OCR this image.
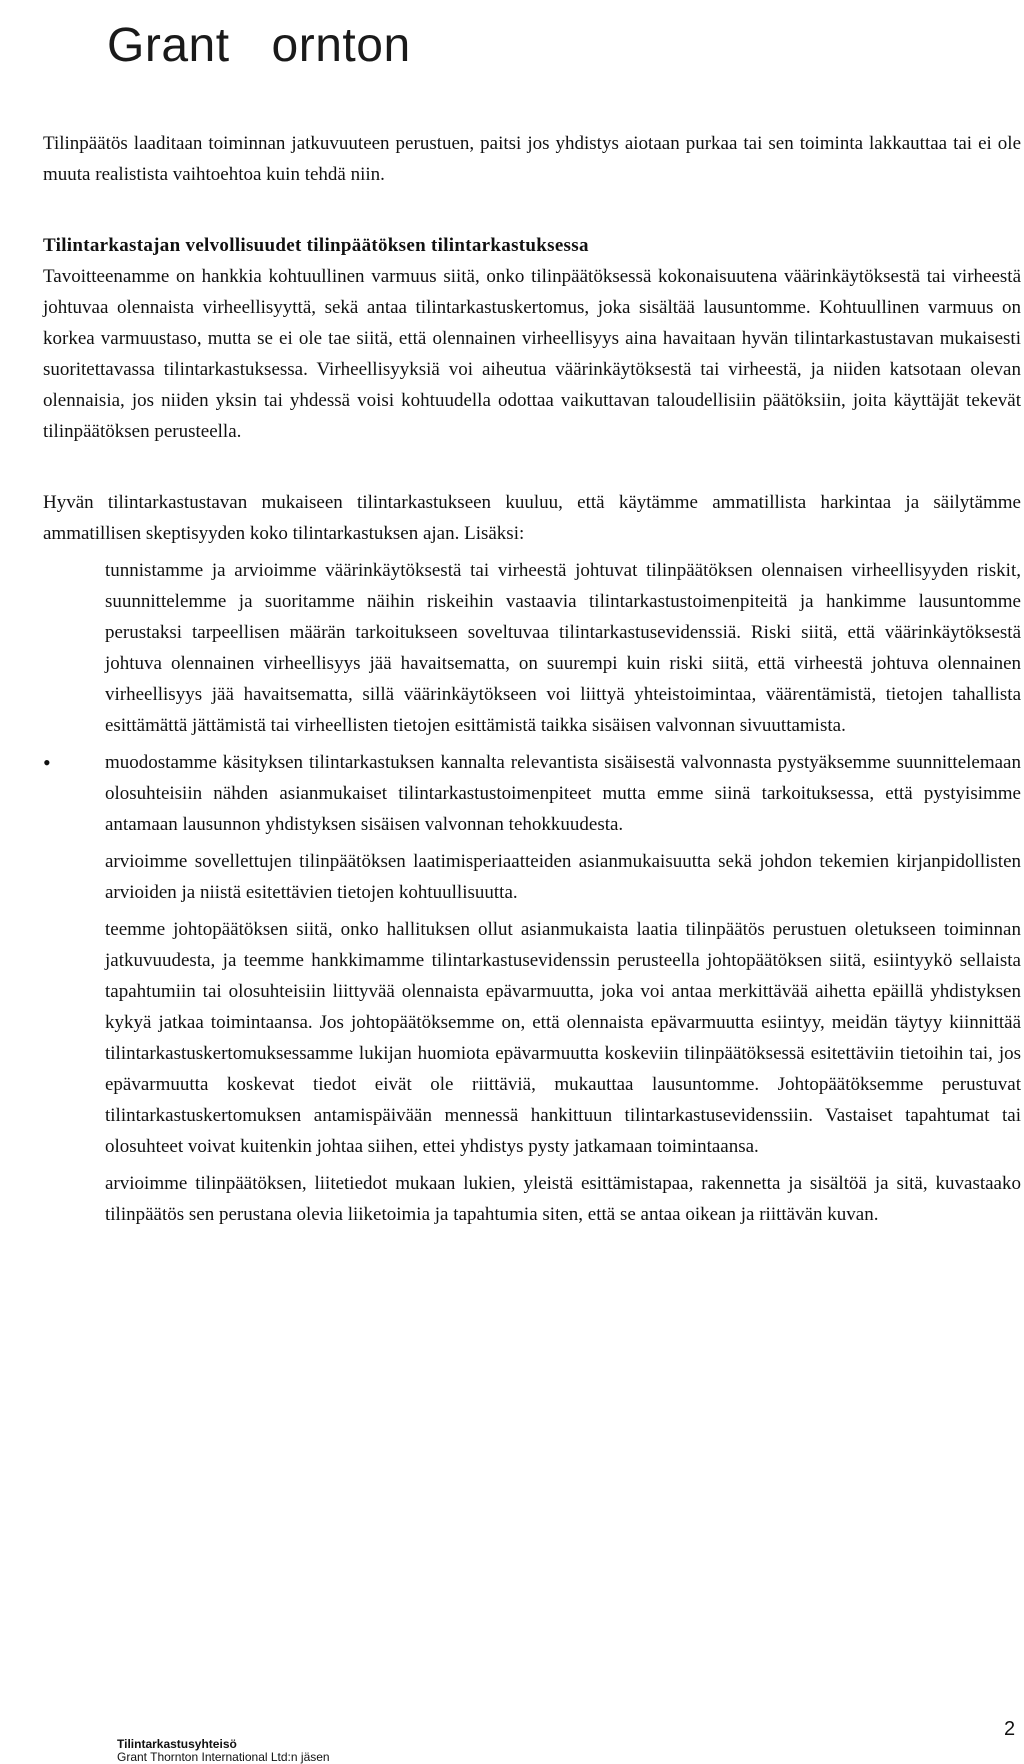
Grant ornton

Tilinpäätös laaditaan toiminnan jatkuvuuteen perustuen, paitsi jos yhdistys aiotaan purkaa tai sen toiminta lakkauttaa tai ei ole muuta realistista vaihtoehtoa kuin tehdä niin.

Tilintarkastajan velvollisuudet tilinpäätöksen tilintarkastuksessa

Tavoitteenamme on hankkia kohtuullinen varmuus siitä, onko tilinpäätöksessä kokonaisuutena väärinkäytöksestä tai virheestä johtuvaa olennaista virheellisyyttä, sekä antaa tilintarkastuskertomus, joka sisältää lausuntomme. Kohtuullinen varmuus on korkea varmuustaso, mutta se ei ole tae siitä, että olennainen virheellisyys aina havaitaan hyvän tilintarkastustavan mukaisesti suoritettavassa tilintarkastuksessa. Virheellisyyksiä voi aiheutua väärinkäytöksestä tai virheestä, ja niiden katsotaan olevan olennaisia, jos niiden yksin tai yhdessä voisi kohtuudella odottaa vaikuttavan taloudellisiin päätöksiin, joita käyttäjät tekevät tilinpäätöksen perusteella.

Hyvän tilintarkastustavan mukaiseen tilintarkastukseen kuuluu, että käytämme ammatillista harkintaa ja säilytämme ammatillisen skeptisyyden koko tilintarkastuksen ajan. Lisäksi:

tunnistamme ja arvioimme väärinkäytöksestä tai virheestä johtuvat tilinpäätöksen olennaisen virheellisyyden riskit, suunnittelemme ja suoritamme näihin riskeihin vastaavia tilintarkastustoimenpiteitä ja hankimme lausuntomme perustaksi tarpeellisen määrän tarkoitukseen soveltuvaa tilintarkastusevidenssiä. Riski siitä, että väärinkäytöksestä johtuva olennainen virheellisyys jää havaitsematta, on suurempi kuin riski siitä, että virheestä johtuva olennainen virheellisyys jää havaitsematta, sillä väärinkäytökseen voi liittyä yhteistoimintaa, väärentämistä, tietojen tahallista esittämättä jättämistä tai virheellisten tietojen esittämistä taikka sisäisen valvonnan sivuuttamista.
•	muodostamme käsityksen tilintarkastuksen kannalta relevantista sisäisestä valvonnasta pystyäksemme suunnittelemaan olosuhteisiin nähden asianmukaiset tilintarkastustoimenpiteet mutta emme siinä tarkoituksessa, että pystyisimme antamaan lausunnon yhdistyksen sisäisen valvonnan tehokkuudesta.
arvioimme sovellettujen tilinpäätöksen laatimisperiaatteiden asianmukaisuutta sekä johdon tekemien kirjanpidollisten arvioiden ja niistä esitettävien tietojen kohtuullisuutta.
teemme johtopäätöksen siitä, onko hallituksen ollut asianmukaista laatia tilinpäätös perustuen oletukseen toiminnan jatkuvuudesta, ja teemme hankkimamme tilintarkastusevidenssin perusteella johtopäätöksen siitä, esiintyykö sellaista tapahtumiin tai olosuhteisiin liittyvää olennaista epävarmuutta, joka voi antaa merkittävää aihetta epäillä yhdistyksen kykyä jatkaa toimintaansa. Jos johtopäätöksemme on, että olennaista epävarmuutta esiintyy, meidän täytyy kiinnittää tilintarkastuskertomuksessamme lukijan huomiota epävarmuutta koskeviin tilinpäätöksessä esitettäviin tietoihin tai, jos epävarmuutta koskevat tiedot eivät ole riittäviä, mukauttaa lausuntomme. Johtopäätöksemme perustuvat tilintarkastuskertomuksen antamispäivään mennessä hankittuun tilintarkastusevidenssiin. Vastaiset tapahtumat tai olosuhteet voivat kuitenkin johtaa siihen, ettei yhdistys pysty jatkamaan toimintaansa.
arvioimme tilinpäätöksen, liitetiedot mukaan lukien, yleistä esittämistapaa, rakennetta ja sisältöä ja sitä, kuvastaako tilinpäätös sen perustana olevia liiketoimia ja tapahtumia siten, että se antaa oikean ja riittävän kuvan.
Tilintarkastusyhteisö
Grant Thornton International Ltd:n jäsen
2
